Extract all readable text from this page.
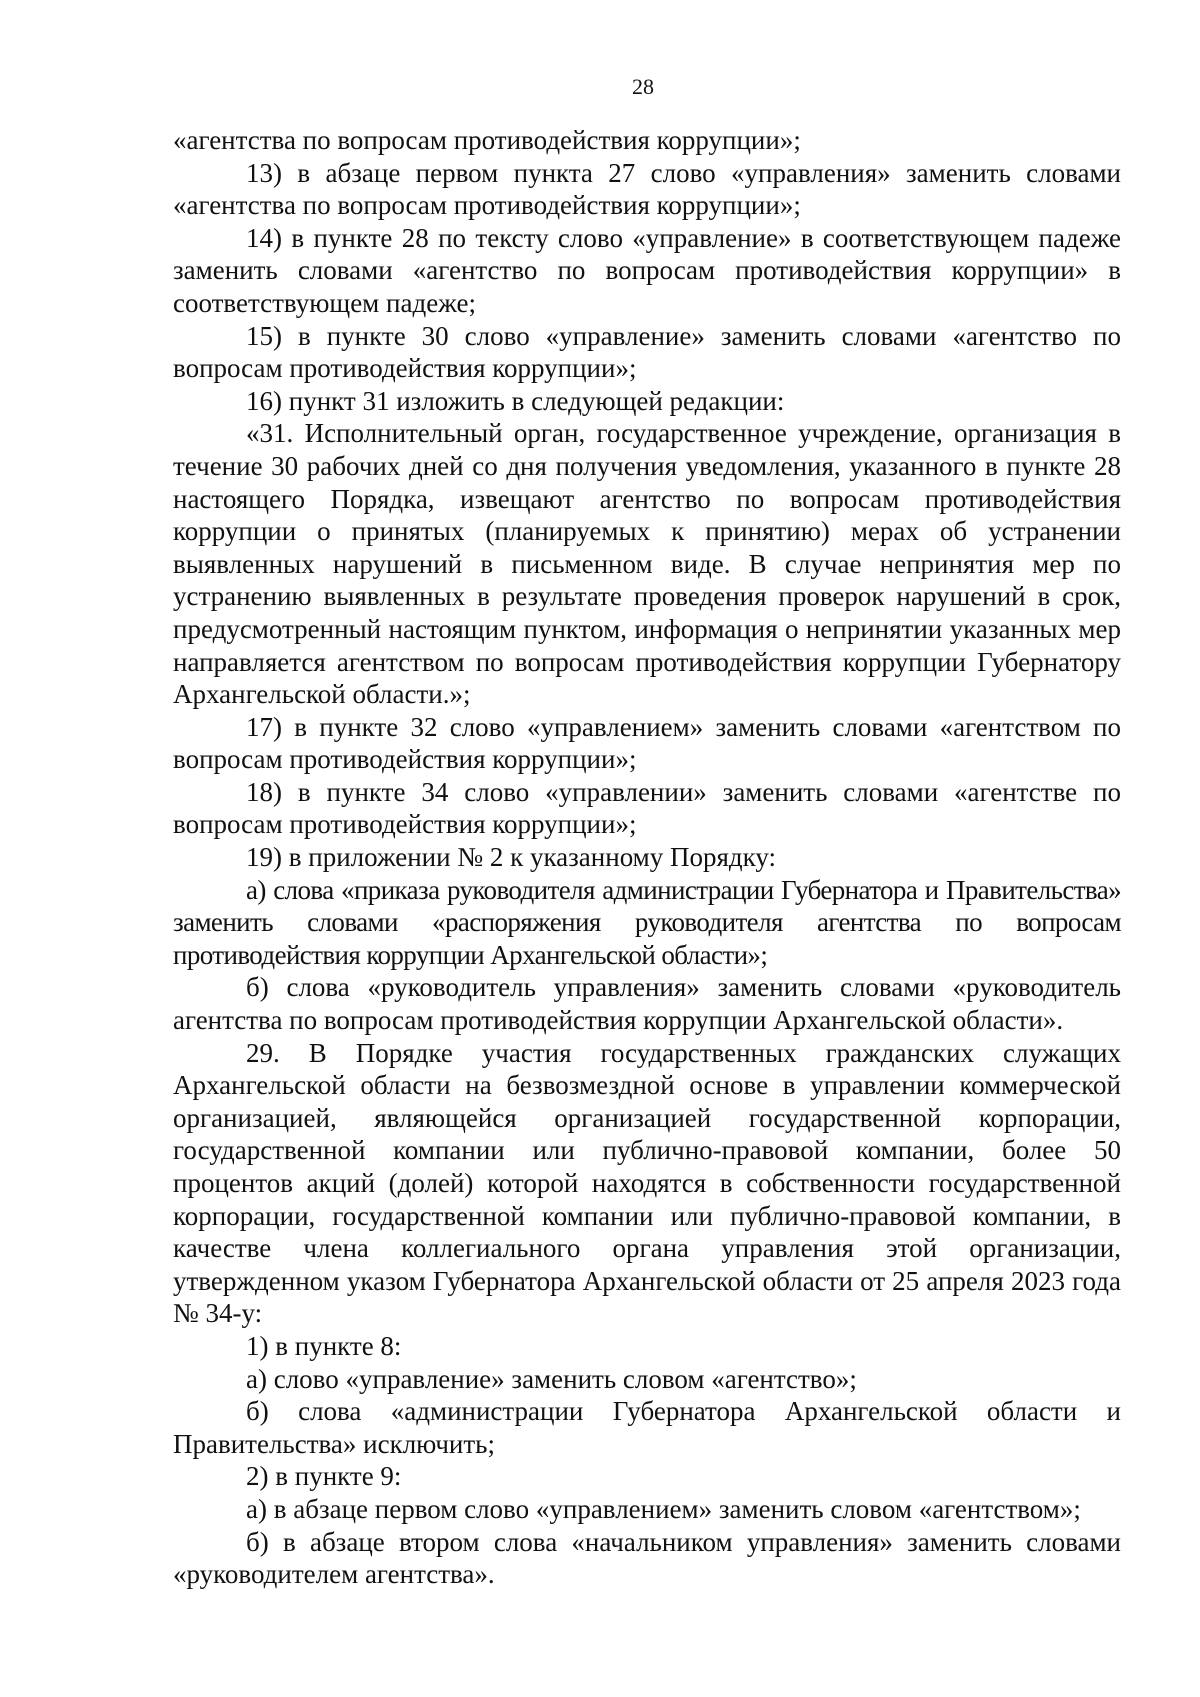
28

«агентства по вопросам противодействия коррупции»;

13) в абзаце первом пункта 27 слово «управления» заменить словами «агентства по вопросам противодействия коррупции»;

14) в пункте 28 по тексту слово «управление» в соответствующем падеже заменить словами «агентство по вопросам противодействия коррупции» в соответствующем падеже;

15) в пункте 30 слово «управление» заменить словами «агентство по вопросам противодействия коррупции»;

16) пункт 31 изложить в следующей редакции:

«31. Исполнительный орган, государственное учреждение, организация в течение 30 рабочих дней со дня получения уведомления, указанного в пункте 28 настоящего Порядка, извещают агентство по вопросам противодействия коррупции о принятых (планируемых к принятию) мерах об устранении выявленных нарушений в письменном виде. В случае непринятия мер по устранению выявленных в результате проведения проверок нарушений в срок, предусмотренный настоящим пунктом, информация о непринятии указанных мер направляется агентством по вопросам противодействия коррупции Губернатору Архангельской области.»;

17) в пункте 32 слово «управлением» заменить словами «агентством по вопросам противодействия коррупции»;

18) в пункте 34 слово «управлении» заменить словами «агентстве по вопросам противодействия коррупции»;

19) в приложении № 2 к указанному Порядку:

а) слова «приказа руководителя администрации Губернатора и Правительства» заменить словами «распоряжения руководителя агентства по вопросам противодействия коррупции Архангельской области»;

б) слова «руководитель управления» заменить словами «руководитель агентства по вопросам противодействия коррупции Архангельской области».

29. В Порядке участия государственных гражданских служащих Архангельской области на безвозмездной основе в управлении коммерческой организацией, являющейся организацией государственной корпорации, государственной компании или публично-правовой компании, более 50 процентов акций (долей) которой находятся в собственности государственной корпорации, государственной компании или публично-правовой компании, в качестве члена коллегиального органа управления этой организации, утвержденном указом Губернатора Архангельской области от 25 апреля 2023 года № 34-у:

1) в пункте 8:

а) слово «управление» заменить словом «агентство»;

б) слова «администрации Губернатора Архангельской области и Правительства» исключить;

2) в пункте 9:

а) в абзаце первом слово «управлением» заменить словом «агентством»;

б) в абзаце втором слова «начальником управления» заменить словами «руководителем агентства».
